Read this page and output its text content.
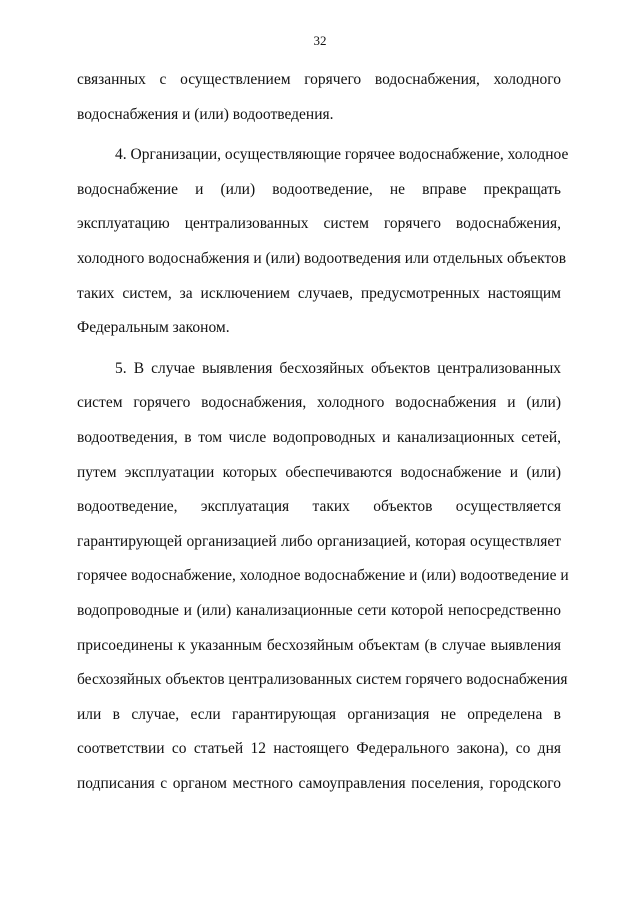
32

связанных с осуществлением горячего водоснабжения, холодного
водоснабжения и (или) водоотведения.

4. Организации, осуществляющие горячее водоснабжение, холодное
водоснабжение и (или) водоотведение, не вправе прекращать
эксплуатацию централизованных систем горячего водоснабжения,
холодного водоснабжения и (или) водоотведения или отдельных объектов
таких систем, за исключением случаев, предусмотренных настоящим
Федеральным законом.

5. В случае выявления бесхозяйных объектов централизованных
систем горячего водоснабжения, холодного водоснабжения и (или)
водоотведения, в том числе водопроводных и канализационных сетей,
путем эксплуатации которых обеспечиваются водоснабжение и (или)
водоотведение, эксплуатация таких объектов осуществляется
гарантирующей организацией либо организацией, которая осуществляет
горячее водоснабжение, холодное водоснабжение и (или) водоотведение и
водопроводные и (или) канализационные сети которой непосредственно
присоединены к указанным бесхозяйным объектам (в случае выявления
бесхозяйных объектов централизованных систем горячего водоснабжения
или в случае, если гарантирующая организация не определена в
соответствии со статьей 12 настоящего Федерального закона), со дня
подписания с органом местного самоуправления поселения, городского
